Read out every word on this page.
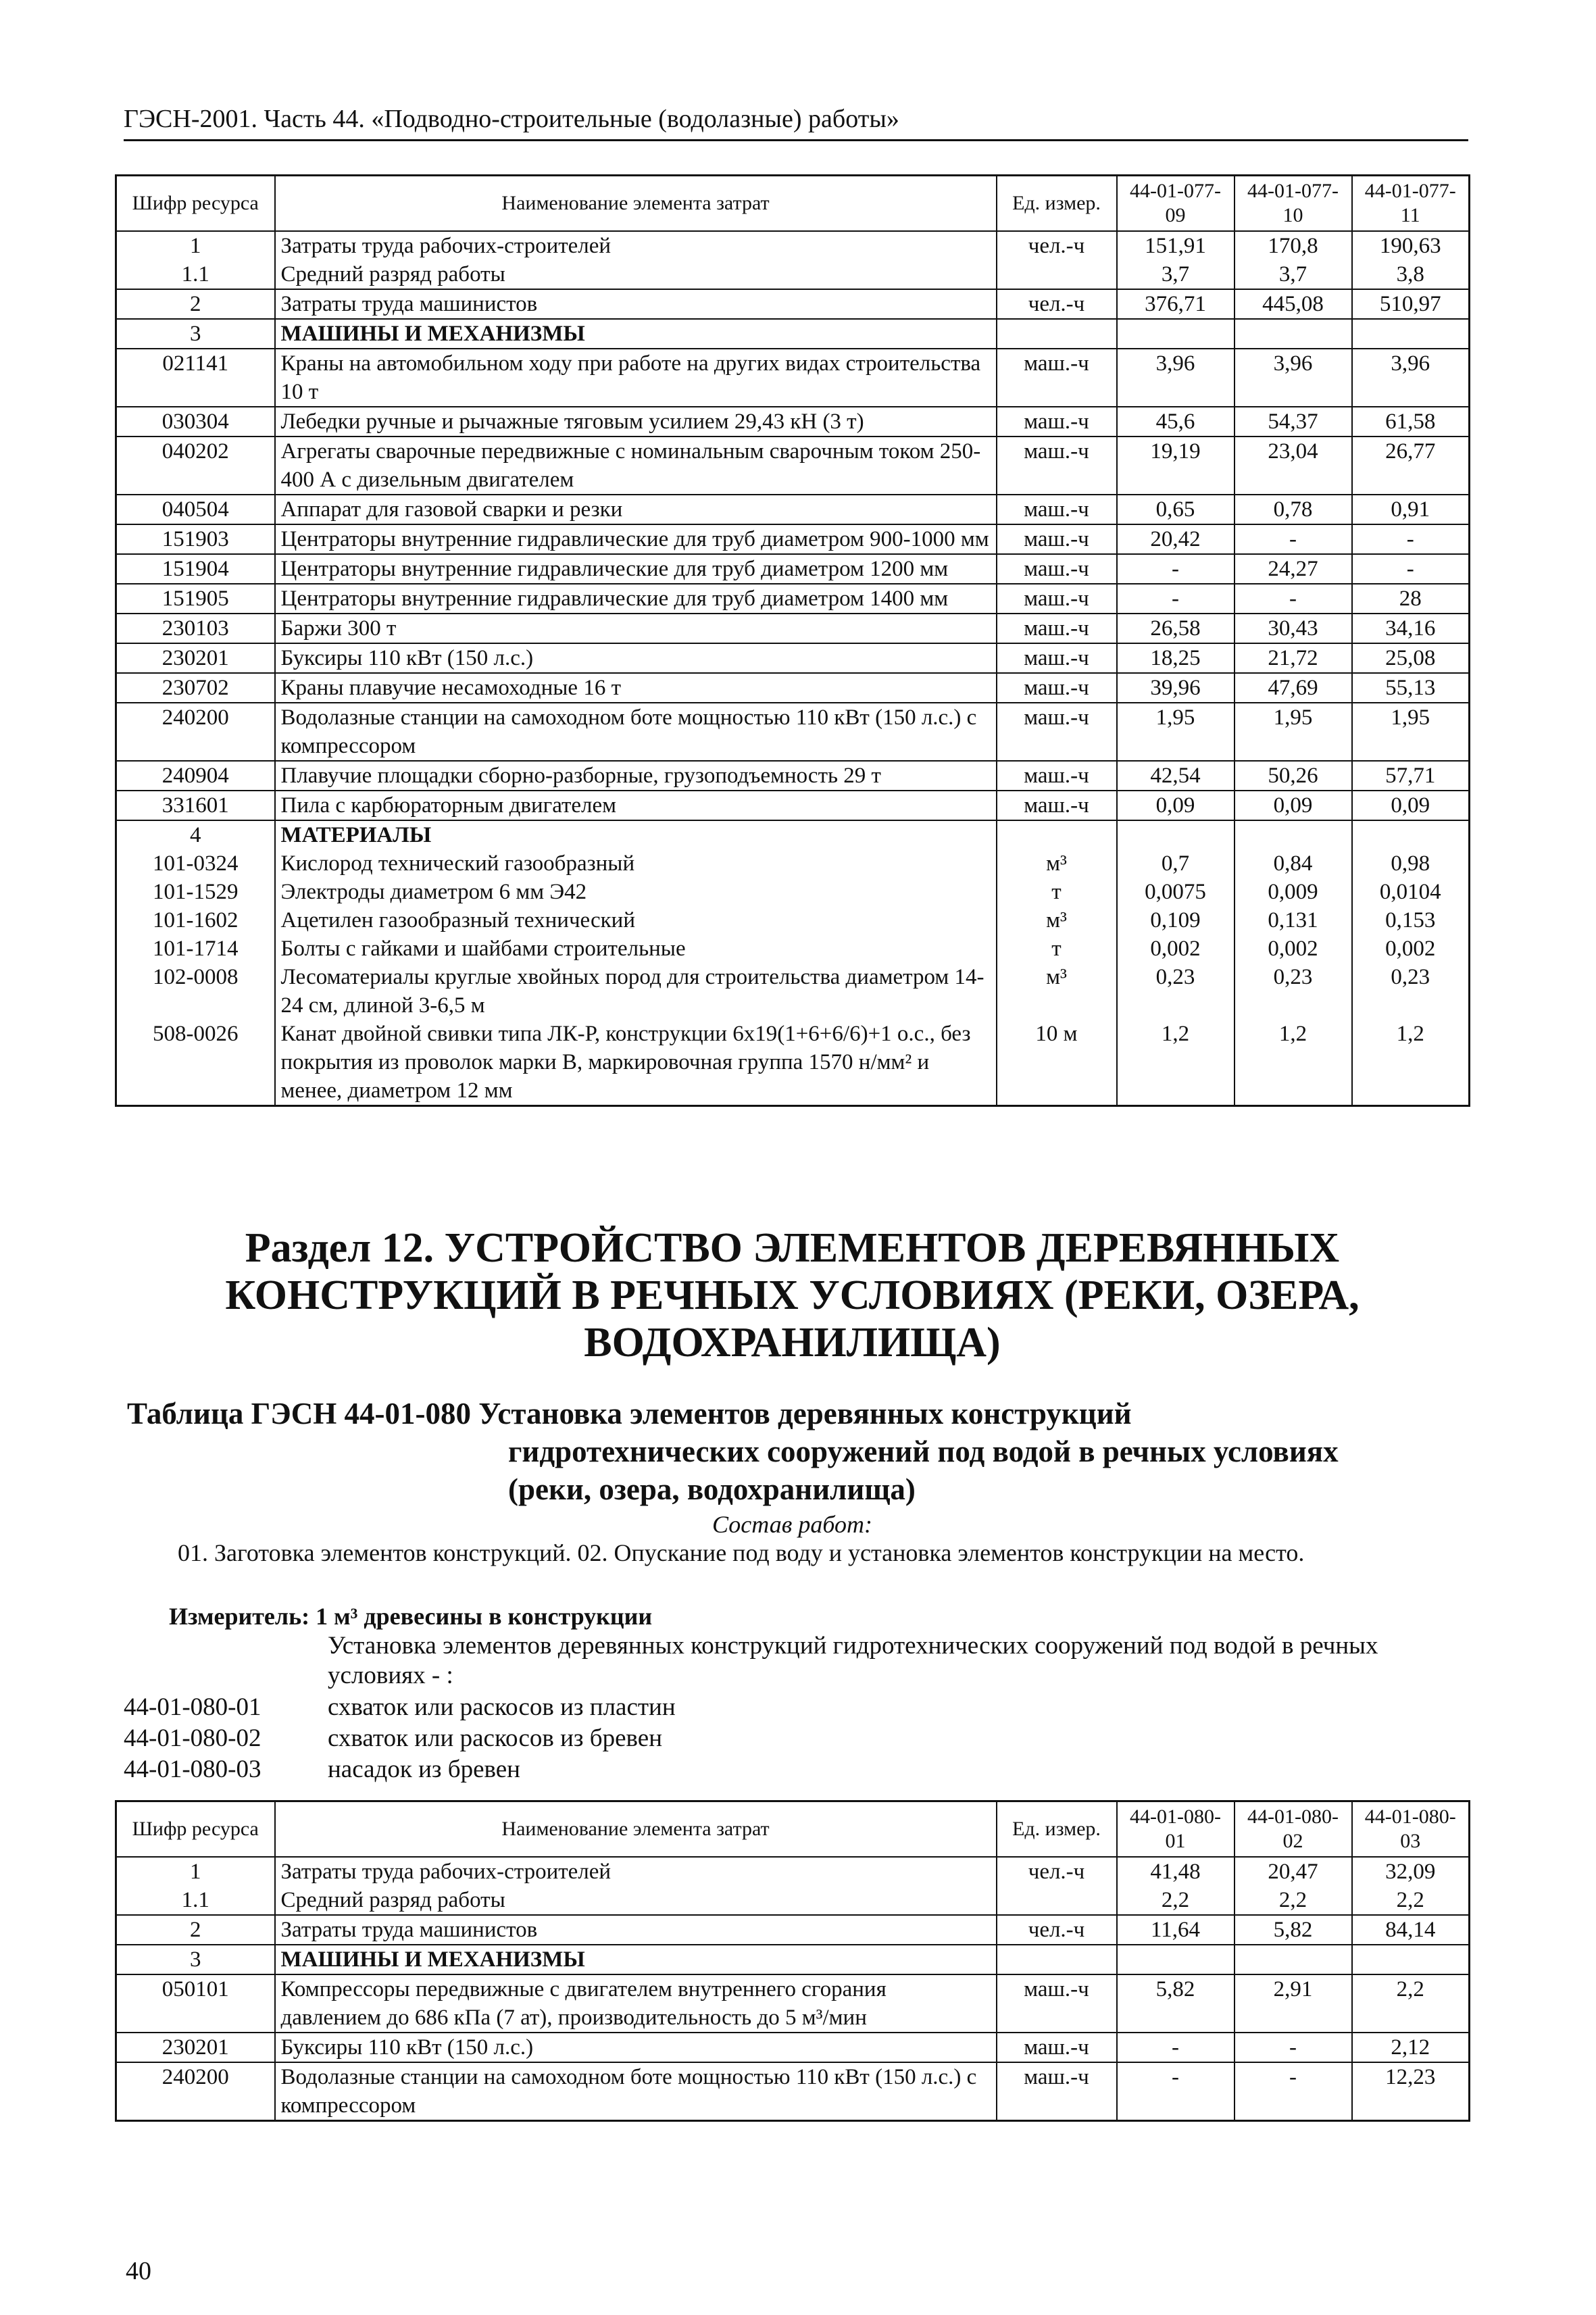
ГЭСН-2001. Часть 44. «Подводно-строительные (водолазные) работы»
Шифр ресурса	Наименование элемента затрат	Ед. измер.	44-01-077-09	44-01-077-10	44-01-077-11
1	Затраты труда рабочих-строителей	чел.-ч	151,91	170,8	190,63
1.1	Средний разряд работы		3,7	3,7	3,8
2	Затраты труда машинистов	чел.-ч	376,71	445,08	510,97
3	МАШИНЫ И МЕХАНИЗМЫ				
021141	Краны на автомобильном ходу при работе на других видах строительства 10 т	маш.-ч	3,96	3,96	3,96
030304	Лебедки ручные и рычажные тяговым усилием 29,43 кН (3 т)	маш.-ч	45,6	54,37	61,58
040202	Агрегаты сварочные передвижные с номинальным сварочным током 250-400 А с дизельным двигателем	маш.-ч	19,19	23,04	26,77
040504	Аппарат для газовой сварки и резки	маш.-ч	0,65	0,78	0,91
151903	Центраторы внутренние гидравлические для труб диаметром 900-1000 мм	маш.-ч	20,42	-	-
151904	Центраторы внутренние гидравлические для труб диаметром 1200 мм	маш.-ч	-	24,27	-
151905	Центраторы внутренние гидравлические для труб диаметром 1400 мм	маш.-ч	-	-	28
230103	Баржи 300 т	маш.-ч	26,58	30,43	34,16
230201	Буксиры 110 кВт (150 л.с.)	маш.-ч	18,25	21,72	25,08
230702	Краны плавучие несамоходные 16 т	маш.-ч	39,96	47,69	55,13
240200	Водолазные станции на самоходном боте мощностью 110 кВт (150 л.с.) с компрессором	маш.-ч	1,95	1,95	1,95
240904	Плавучие площадки сборно-разборные, грузоподъемность 29 т	маш.-ч	42,54	50,26	57,71
331601	Пила с карбюраторным двигателем	маш.-ч	0,09	0,09	0,09
4	МАТЕРИАЛЫ				
101-0324	Кислород технический газообразный	м³	0,7	0,84	0,98
101-1529	Электроды диаметром 6 мм Э42	т	0,0075	0,009	0,0104
101-1602	Ацетилен газообразный технический	м³	0,109	0,131	0,153
101-1714	Болты с гайками и шайбами строительные	т	0,002	0,002	0,002
102-0008	Лесоматериалы круглые хвойных пород для строительства диаметром 14-24 см, длиной 3-6,5 м	м³	0,23	0,23	0,23
508-0026	Канат двойной свивки типа ЛК-Р, конструкции 6х19(1+6+6/6)+1 о.с., без покрытия из проволок марки В, маркировочная группа 1570 н/мм² и менее, диаметром 12 мм	10 м	1,2	1,2	1,2
Раздел 12. УСТРОЙСТВО ЭЛЕМЕНТОВ ДЕРЕВЯННЫХ КОНСТРУКЦИЙ В РЕЧНЫХ УСЛОВИЯХ (РЕКИ, ОЗЕРА, ВОДОХРАНИЛИЩА)
Таблица ГЭСН 44-01-080 Установка элементов деревянных конструкций
гидротехнических сооружений под водой в речных условиях
(реки, озера, водохранилища)
Состав работ:
01. Заготовка элементов конструкций. 02. Опускание под воду и установка элементов конструкции на место.
Измеритель: 1 м³ древесины в конструкции
Установка элементов деревянных конструкций гидротехнических сооружений под водой в речных условиях - :
44-01-080-01	схваток или раскосов из пластин
44-01-080-02	схваток или раскосов из бревен
44-01-080-03	насадок из бревен
Шифр ресурса	Наименование элемента затрат	Ед. измер.	44-01-080-01	44-01-080-02	44-01-080-03
1	Затраты труда рабочих-строителей	чел.-ч	41,48	20,47	32,09
1.1	Средний разряд работы		2,2	2,2	2,2
2	Затраты труда машинистов	чел.-ч	11,64	5,82	84,14
3	МАШИНЫ И МЕХАНИЗМЫ				
050101	Компрессоры передвижные с двигателем внутреннего сгорания давлением до 686 кПа (7 ат), производительность до 5 м³/мин	маш.-ч	5,82	2,91	2,2
230201	Буксиры 110 кВт (150 л.с.)	маш.-ч	-	-	2,12
240200	Водолазные станции на самоходном боте мощностью 110 кВт (150 л.с.) с компрессором	маш.-ч	-	-	12,23
40
